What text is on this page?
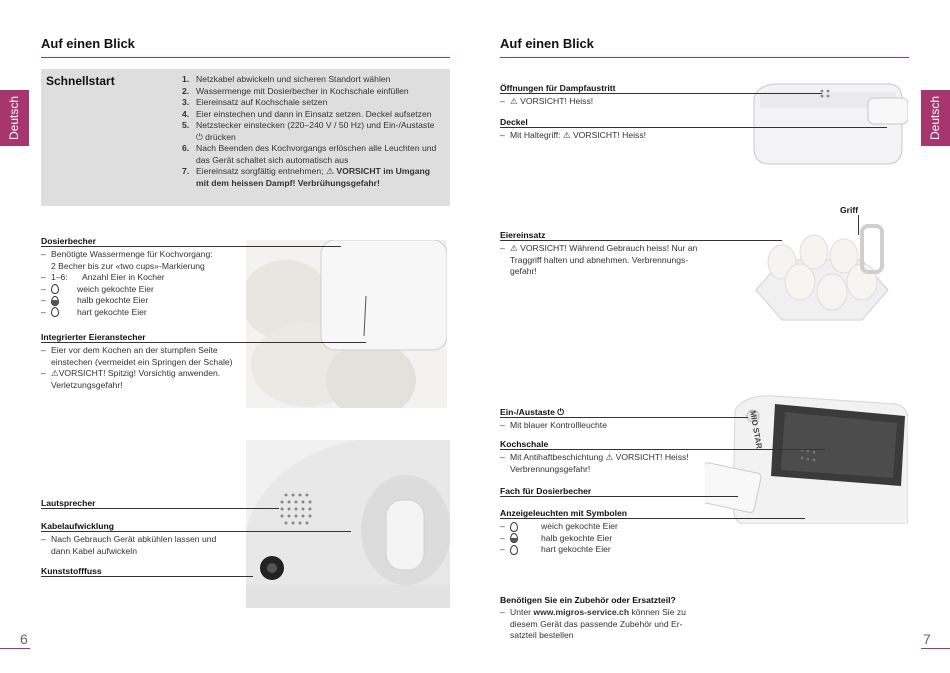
Auf einen Blick
Deutsch
Schnellstart	1. Netzkabel abwickeln und sicheren Standort wählen
2. Wassermenge mit Dosierbecher in Kochschale einfüllen
3. Eiereinsatz auf Kochschale setzen
4. Eier einstechen und dann in Einsatz setzen. Deckel aufsetzen
5. Netzstecker einstecken (220–240 V / 50 Hz) und Ein-/Austaste
⏻ drücken
6. Nach Beenden des Kochvorgangs erlöschen alle Leuchten und
das Gerät schaltet sich automatisch aus
7. Eiereinsatz sorgfältig entnehmen; ⚠ VORSICHT im Umgang
mit dem heissen Dampf! Verbrühungsgefahr!
Dosierbecher
– Benötigte Wassermenge für Kochvorgang:
2 Becher bis zur «two cups»-Markierung
– 1–6:	Anzahl Eier in Kocher
–	weich gekochte Eier
–	halb gekochte Eier
–	hart gekochte Eier
Integrierter Eieranstecher
– Eier vor dem Kochen an der stumpfen Seite
einstechen (vermeidet ein Springen der Schale)
– ⚠VORSICHT! Spitzig! Vorsichtig anwenden.
Verletzungsgefahr!
Lautsprecher
Kabelaufwicklung
– Nach Gebrauch Gerät abkühlen lassen und
dann Kabel aufwickeln
Kunststofffuss
6
Auf einen Blick
Deutsch
Öffnungen für Dampfaustritt
– ⚠ VORSICHT! Heiss!
Deckel
– Mit Haltegriff: ⚠ VORSICHT! Heiss!
Griff
Eiereinsatz
– ⚠ VORSICHT! Während Gebrauch heiss! Nur an
Traggriff halten und abnehmen. Verbrennungs-
gefahr!
MIO STAR
Ein-/Austaste ⏻
– Mit blauer Kontrollleuchte
Kochschale
– Mit Antihaftbeschichtung ⚠ VORSICHT! Heiss!
Verbrennungsgefahr!
Fach für Dosierbecher
Anzeigeleuchten mit Symbolen
–	weich gekochte Eier
–	halb gekochte Eier
–	hart gekochte Eier
Benötigen Sie ein Zubehör oder Ersatzteil?
– Unter www.migros-service.ch können Sie zu
diesem Gerät das passende Zubehör und Er-
satzteil bestellen	7
